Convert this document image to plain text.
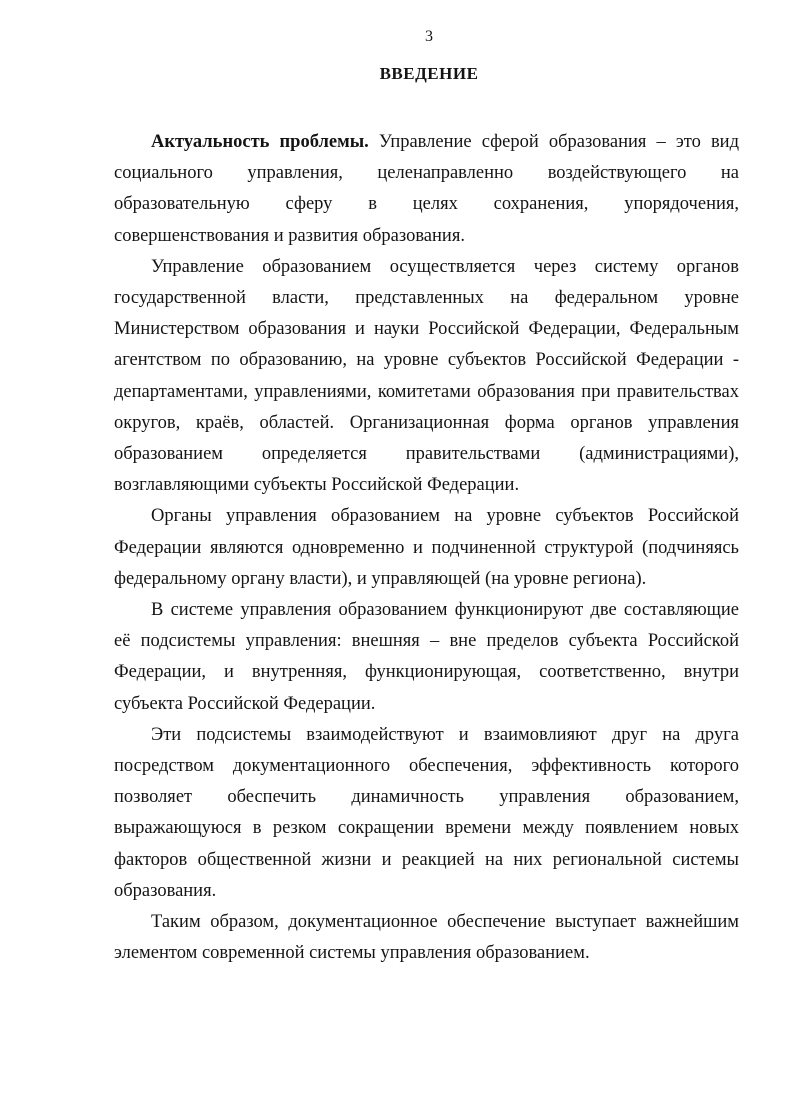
3
ВВЕДЕНИЕ

Актуальность проблемы. Управление сферой образования – это вид социального управления, целенаправленно воздействующего на образовательную сферу в целях сохранения, упорядочения, совершенствования и развития образования.

Управление образованием осуществляется через систему органов государственной власти, представленных на федеральном уровне Министерством образования и науки Российской Федерации, Федеральным агентством по образованию, на уровне субъектов Российской Федерации - департаментами, управлениями, комитетами образования при правительствах округов, краёв, областей. Организационная форма органов управления образованием определяется правительствами (администрациями), возглавляющими субъекты Российской Федерации.

Органы управления образованием на уровне субъектов Российской Федерации являются одновременно и подчиненной структурой (подчиняясь федеральному органу власти), и управляющей (на уровне региона).

В системе управления образованием функционируют две составляющие её подсистемы управления: внешняя – вне пределов субъекта Российской Федерации, и внутренняя, функционирующая, соответственно, внутри субъекта Российской Федерации.

Эти подсистемы взаимодействуют и взаимовлияют друг на друга посредством документационного обеспечения, эффективность которого позволяет обеспечить динамичность управления образованием, выражающуюся в резком сокращении времени между появлением новых факторов общественной жизни и реакцией на них региональной системы образования.

Таким образом, документационное обеспечение выступает важнейшим элементом современной системы управления образованием.
